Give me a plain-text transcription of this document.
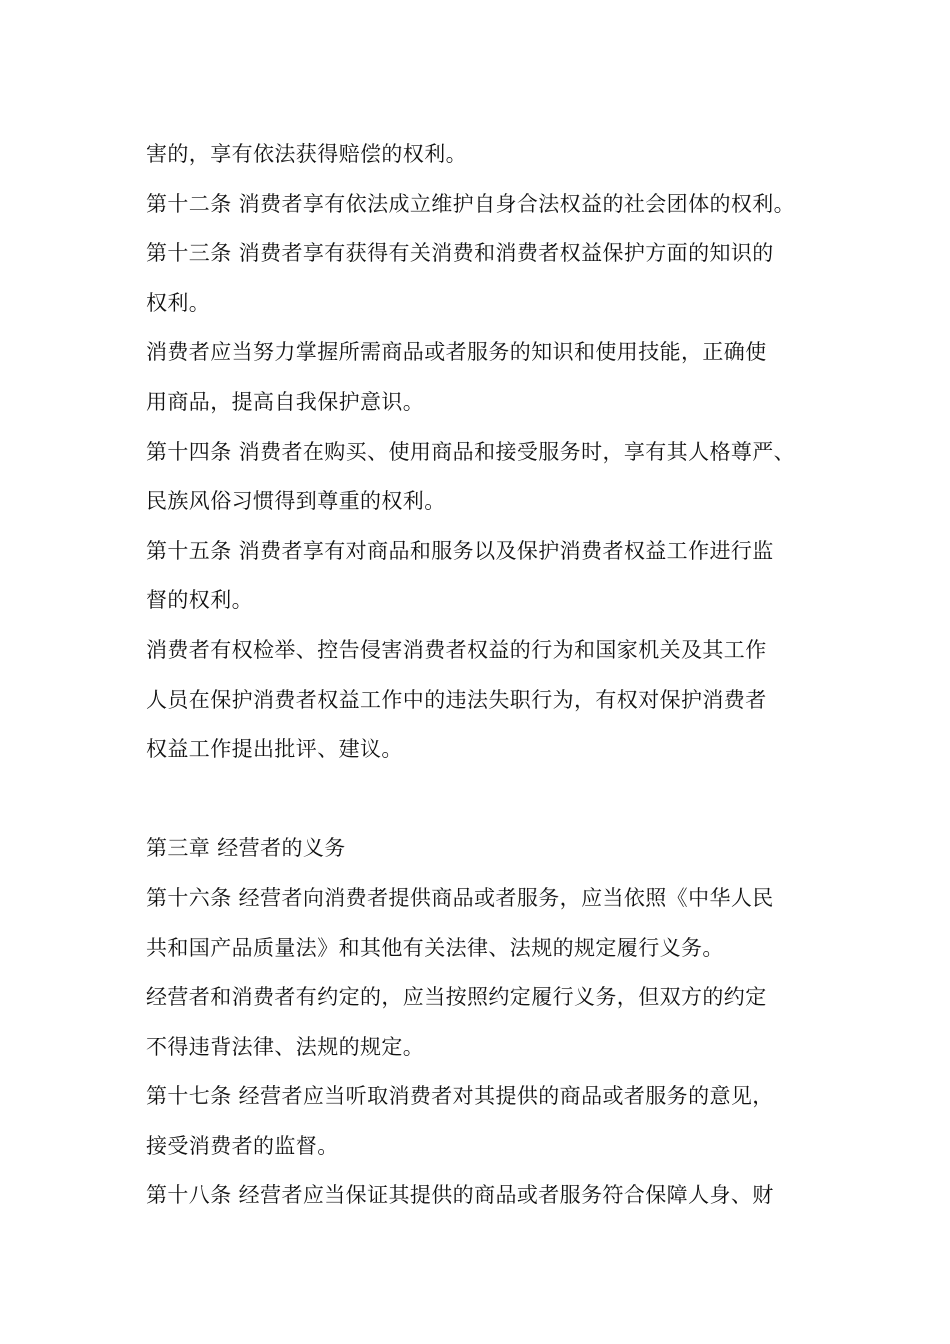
害的，享有依法获得赔偿的权利。
第十二条 消费者享有依法成立维护自身合法权益的社会团体的权利。
第十三条 消费者享有获得有关消费和消费者权益保护方面的知识的
权利。
消费者应当努力掌握所需商品或者服务的知识和使用技能，正确使
用商品，提高自我保护意识。
第十四条 消费者在购买、使用商品和接受服务时，享有其人格尊严、
民族风俗习惯得到尊重的权利。
第十五条 消费者享有对商品和服务以及保护消费者权益工作进行监
督的权利。
消费者有权检举、控告侵害消费者权益的行为和国家机关及其工作
人员在保护消费者权益工作中的违法失职行为，有权对保护消费者
权益工作提出批评、建议。
第三章 经营者的义务
第十六条 经营者向消费者提供商品或者服务，应当依照《中华人民
共和国产品质量法》和其他有关法律、法规的规定履行义务。
经营者和消费者有约定的，应当按照约定履行义务，但双方的约定
不得违背法律、法规的规定。
第十七条 经营者应当听取消费者对其提供的商品或者服务的意见，
接受消费者的监督。
第十八条 经营者应当保证其提供的商品或者服务符合保障人身、财
